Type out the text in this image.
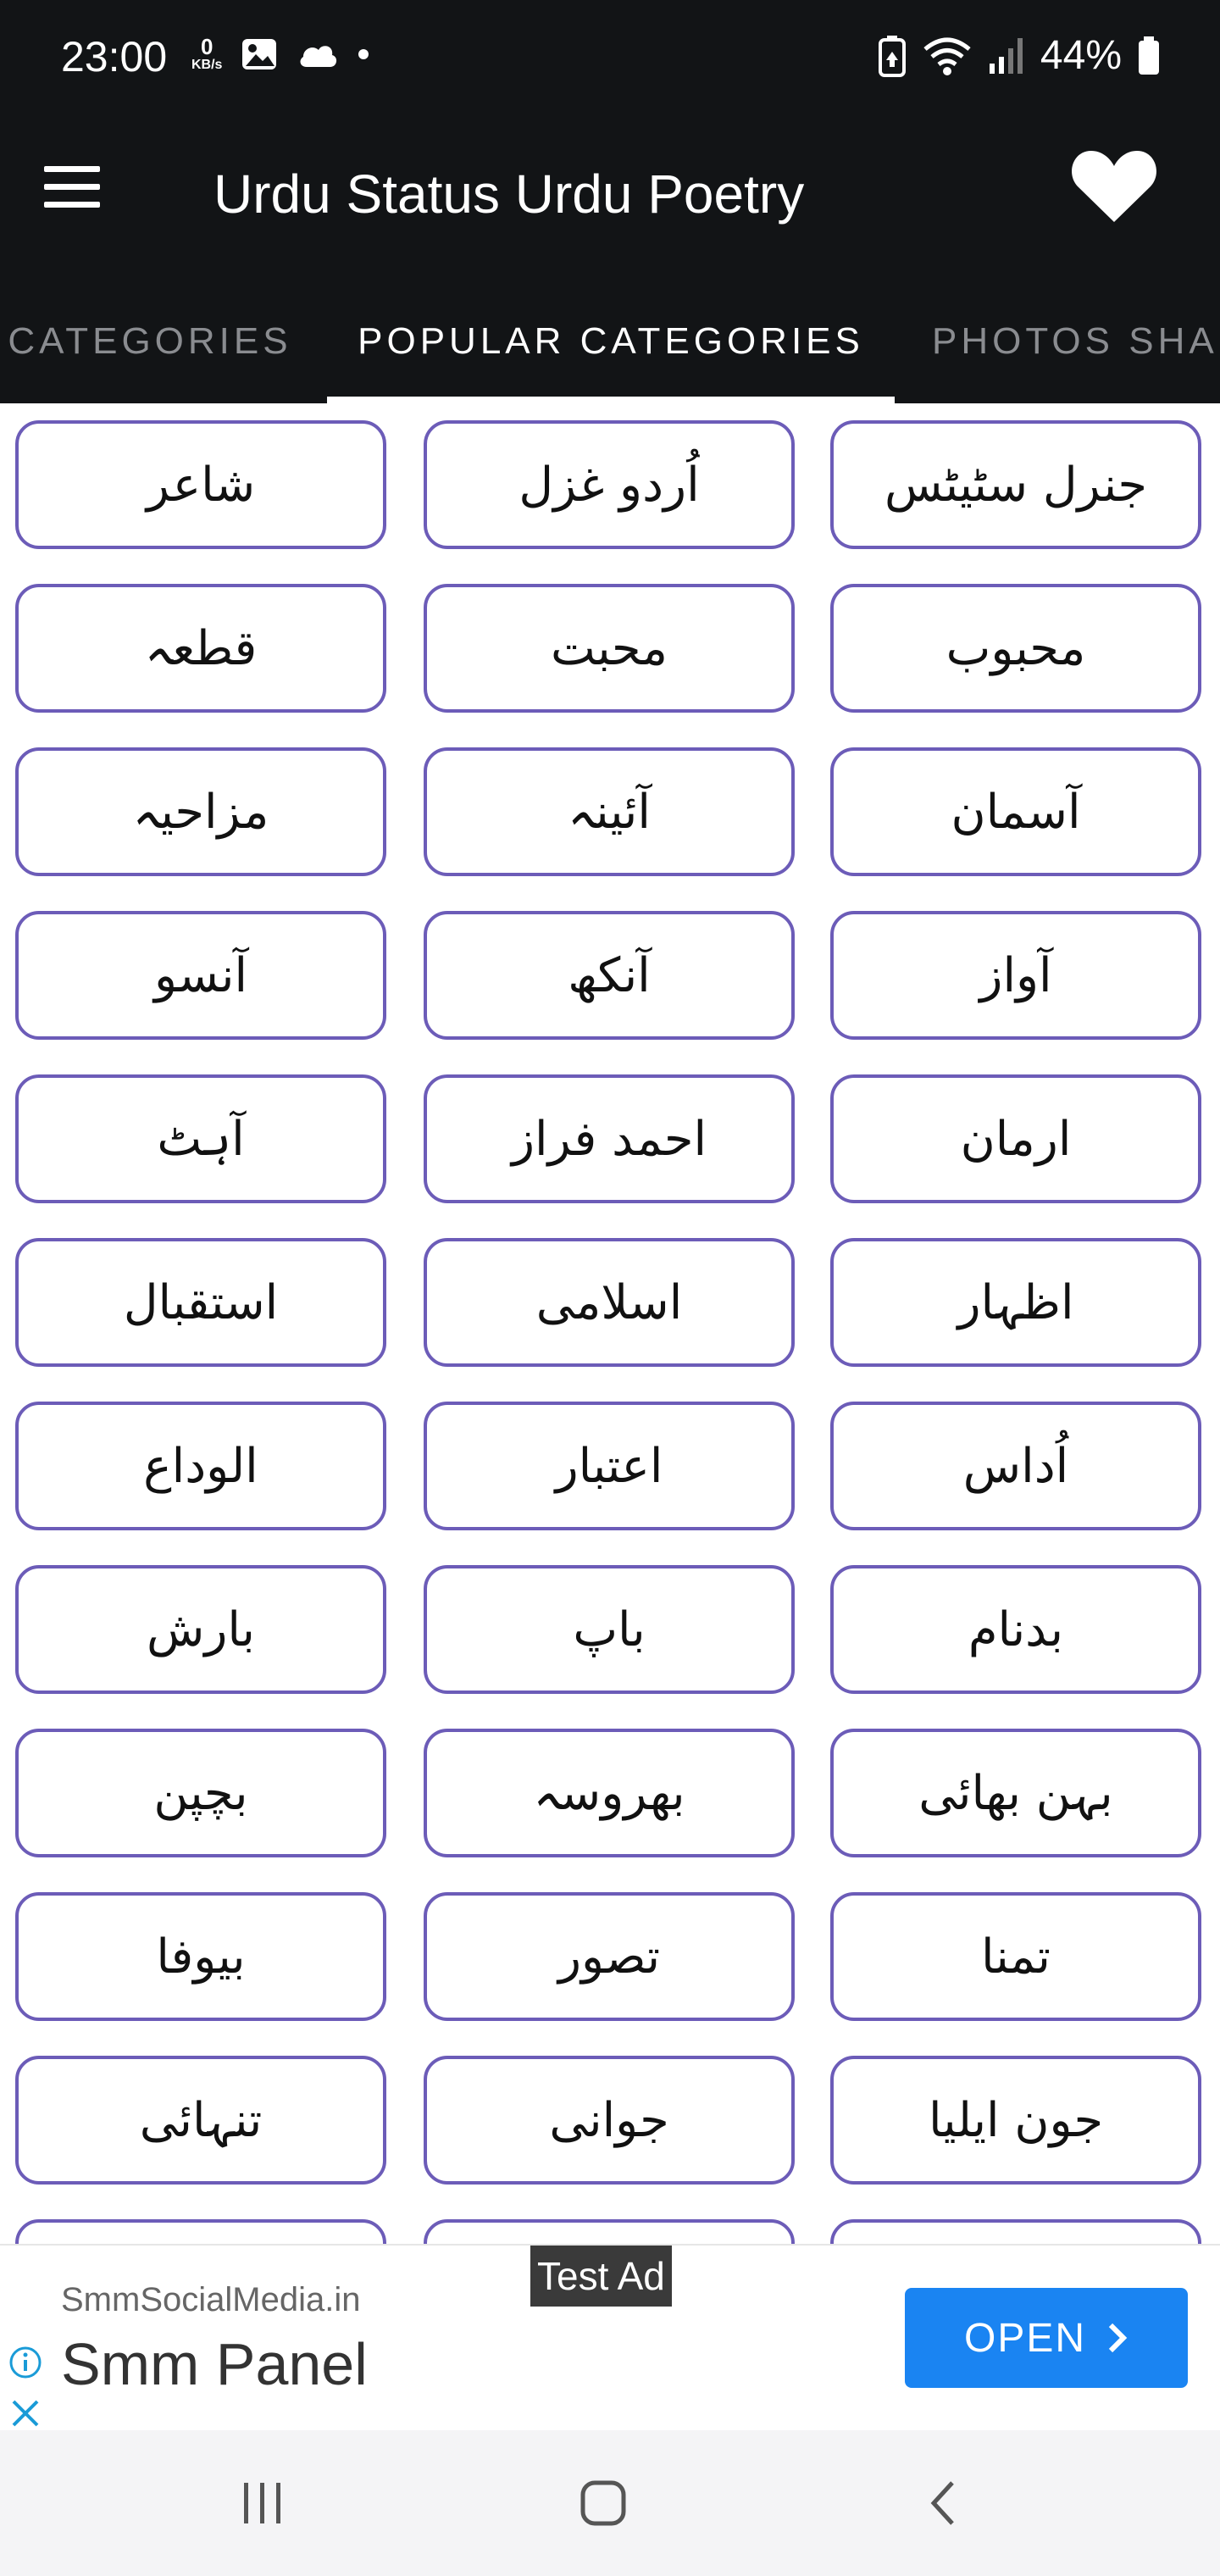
23:00 0
KB/s	44%
Urdu Status Urdu Poetry
CATEGORIES POPULAR CATEGORIES PHOTOS SHA
جنرل سٹیٹس
اُردو غزل
شاعر
محبوب
محبت
قطعہ
آسمان
آئینہ
مزاحیہ
آواز
آنکھ
آنسو
ارمان
احمد فراز
آہٹ
اظہار
اسلامی
استقبال
اُداس
اعتبار
الوداع
بدنام
باپ
بارش
بہن بھائی
بھروسہ
بچپن
تمنا
تصور
بیوفا
جون ایلیا
جوانی
تنہائی
Test Ad
SmmSocialMedia.in
Smm Panel	OPEN
